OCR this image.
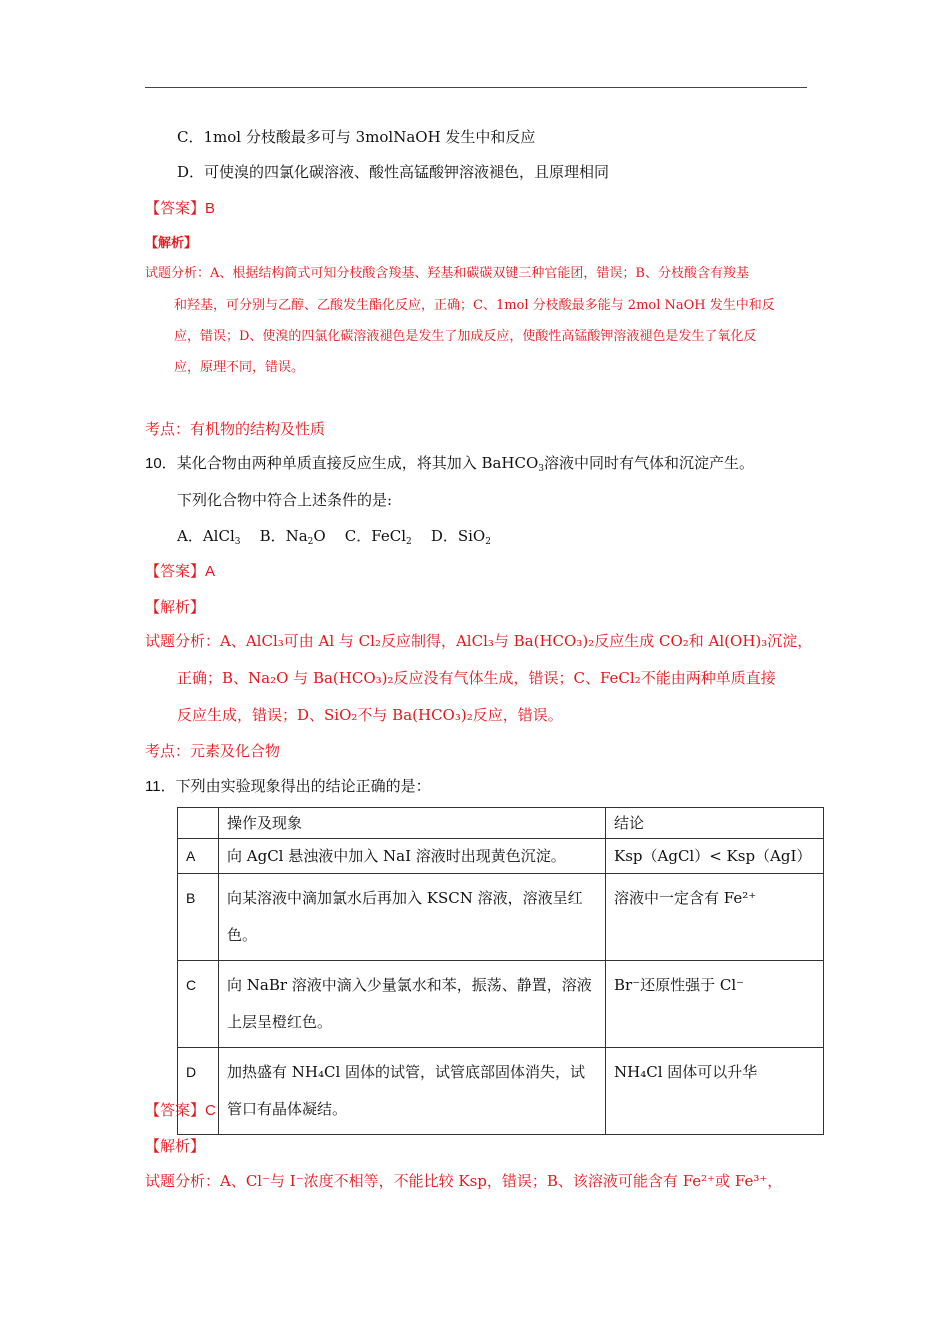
C．1mol 分枝酸最多可与 3molNaOH 发生中和反应
D．可使溴的四氯化碳溶液、酸性高锰酸钾溶液褪色，且原理相同
【答案】B
【解析】
试题分析：A、根据结构简式可知分枝酸含羧基、羟基和碳碳双键三种官能团，错误；B、分枝酸含有羧基
和羟基，可分别与乙醇、乙酸发生酯化反应，正确；C、1mol 分枝酸最多能与 2mol NaOH 发生中和反
应，错误；D、使溴的四氯化碳溶液褪色是发生了加成反应，使酸性高锰酸钾溶液褪色是发生了氧化反
应，原理不同，错误。
考点：有机物的结构及性质
10．某化合物由两种单质直接反应生成，将其加入 BaHCO$_3$溶液中同时有气体和沉淀产生。
下列化合物中符合上述条件的是:
A．AlCl$_3$ B．$Na_2O$ C．FeCl$_2$ D．SiO$_2$
【答案】A
【解析】
试题分析：A、AlCl₃可由 Al 与 Cl₂反应制得，AlCl₃与 Ba(HCO₃)₂反应生成 CO₂和 Al(OH)₃沉淀，
正确；B、Na₂O 与 Ba(HCO₃)₂反应没有气体生成，错误；C、FeCl₂不能由两种单质直接
反应生成，错误；D、SiO₂不与 Ba(HCO₃)₂反应，错误。
考点：元素及化合物
11．下列由实验现象得出的结论正确的是：
	操作及现象	结论
A	向 AgCl 悬浊液中加入 NaI 溶液时出现黄色沉淀。	Ksp（AgCl）< Ksp（AgI）
B	向某溶液中滴加氯水后再加入 KSCN 溶液，溶液呈红色。	溶液中一定含有 Fe²⁺
C	向 NaBr 溶液中滴入少量氯水和苯，振荡、静置，溶液上层呈橙红色。	Br⁻还原性强于 Cl⁻
D	加热盛有 NH₄Cl 固体的试管，试管底部固体消失，试管口有晶体凝结。	NH₄Cl 固体可以升华
【答案】C
【解析】
试题分析：A、Cl⁻与 I⁻浓度不相等，不能比较 Ksp，错误；B、该溶液可能含有 Fe²⁺或 Fe³⁺，
